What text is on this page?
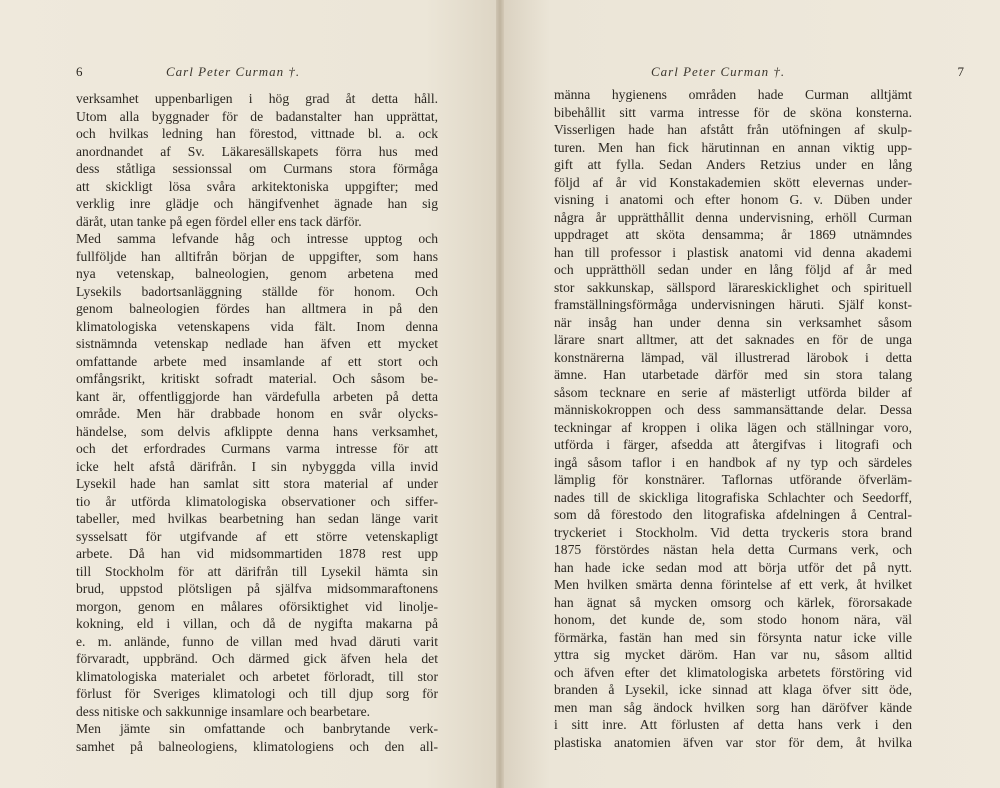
6	Carl Peter Curman †.
verksamhet uppenbarligen i hög grad åt detta håll.
Utom alla byggnader för de badanstalter han upprättat,
och hvilkas ledning han förestod, vittnade bl. a. ock
anordnandet af Sv. Läkaresällskapets förra hus med
dess ståtliga sessionssal om Curmans stora förmåga
att skickligt lösa svåra arkitektoniska uppgifter; med
verklig inre glädje och hängifvenhet ägnade han sig
däråt, utan tanke på egen fördel eller ens tack därför.
Med samma lefvande håg och intresse upptog och
fullföljde han alltifrån början de uppgifter, som hans
nya vetenskap, balneologien, genom arbetena med
Lysekils badortsanläggning ställde för honom. Och
genom balneologien fördes han alltmera in på den
klimatologiska vetenskapens vida fält. Inom denna
sistnämnda vetenskap nedlade han äfven ett mycket
omfattande arbete med insamlande af ett stort och
omfångsrikt, kritiskt sofradt material. Och såsom be-
kant är, offentliggjorde han värdefulla arbeten på detta
område. Men här drabbade honom en svår olycks-
händelse, som delvis afklippte denna hans verksamhet,
och det erfordrades Curmans varma intresse för att
icke helt afstå därifrån. I sin nybyggda villa invid
Lysekil hade han samlat sitt stora material af under
tio år utförda klimatologiska observationer och siffer-
tabeller, med hvilkas bearbetning han sedan länge varit
sysselsatt för utgifvande af ett större vetenskapligt
arbete. Då han vid midsommartiden 1878 rest upp
till Stockholm för att därifrån till Lysekil hämta sin
brud, uppstod plötsligen på själfva midsommaraftonens
morgon, genom en målares oförsiktighet vid linolje-
kokning, eld i villan, och då de nygifta makarna på
e. m. anlände, funno de villan med hvad däruti varit
förvaradt, uppbränd. Och därmed gick äfven hela det
klimatologiska materialet och arbetet förloradt, till stor
förlust för Sveriges klimatologi och till djup sorg för
dess nitiske och sakkunnige insamlare och bearbetare.
Men jämte sin omfattande och banbrytande verk-
samhet på balneologiens, klimatologiens och den all-
Carl Peter Curman †.	7
männa hygienens områden hade Curman alltjämt
bibehållit sitt varma intresse för de sköna konsterna.
Visserligen hade han afstått från utöfningen af skulp-
turen. Men han fick härutinnan en annan viktig upp-
gift att fylla. Sedan Anders Retzius under en lång
följd af år vid Konstakademien skött elevernas under-
visning i anatomi och efter honom G. v. Düben under
några år upprätthållit denna undervisning, erhöll Curman
uppdraget att sköta densamma; år 1869 utnämndes
han till professor i plastisk anatomi vid denna akademi
och upprätthöll sedan under en lång följd af år med
stor sakkunskap, sällspord lärareskicklighet och spirituell
framställningsförmåga undervisningen häruti. Själf konst-
när insåg han under denna sin verksamhet såsom
lärare snart alltmer, att det saknades en för de unga
konstnärerna lämpad, väl illustrerad lärobok i detta
ämne. Han utarbetade därför med sin stora talang
såsom tecknare en serie af mästerligt utförda bilder af
människokroppen och dess sammansättande delar. Dessa
teckningar af kroppen i olika lägen och ställningar voro,
utförda i färger, afsedda att återgifvas i litografi och
ingå såsom taflor i en handbok af ny typ och särdeles
lämplig för konstnärer. Taflornas utförande öfverläm-
nades till de skickliga litografiska Schlachter och Seedorff,
som då förestodo den litografiska afdelningen å Central-
tryckeriet i Stockholm. Vid detta tryckeris stora brand
1875 förstördes nästan hela detta Curmans verk, och
han hade icke sedan mod att börja utför det på nytt.
Men hvilken smärta denna förintelse af ett verk, åt hvilket
han ägnat så mycken omsorg och kärlek, förorsakade
honom, det kunde de, som stodo honom nära, väl
förmärka, fastän han med sin försynta natur icke ville
yttra sig mycket däröm. Han var nu, såsom alltid
och äfven efter det klimatologiska arbetets förstöring vid
branden å Lysekil, icke sinnad att klaga öfver sitt öde,
men man såg ändock hvilken sorg han däröfver kände
i sitt inre. Att förlusten af detta hans verk i den
plastiska anatomien äfven var stor för dem, åt hvilka
